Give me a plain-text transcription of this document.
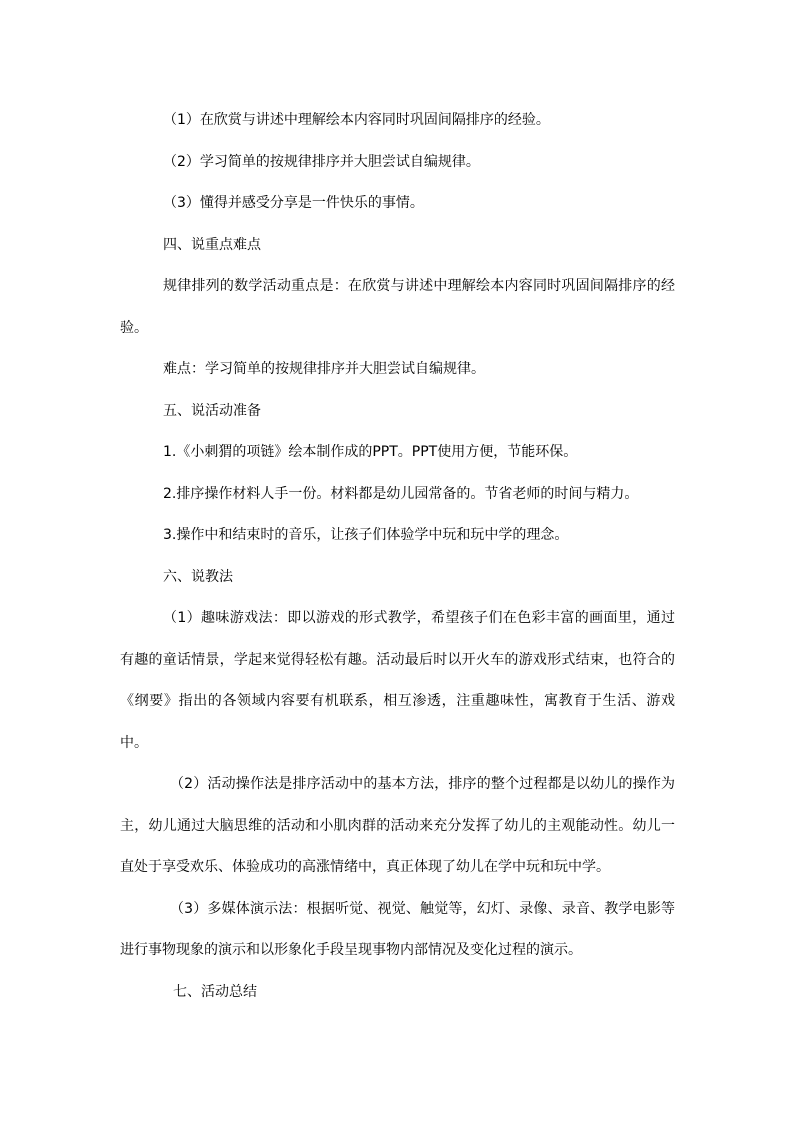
（1）在欣赏与讲述中理解绘本内容同时巩固间隔排序的经验。

（2）学习简单的按规律排序并大胆尝试自编规律。

（3）懂得并感受分享是一件快乐的事情。

四、说重点难点

规律排列的数学活动重点是：在欣赏与讲述中理解绘本内容同时巩固间隔排序的经验。

难点：学习简单的按规律排序并大胆尝试自编规律。

五、说活动准备

1.《小刺猬的项链》绘本制作成的PPT。PPT使用方便，节能环保。

2.排序操作材料人手一份。材料都是幼儿园常备的。节省老师的时间与精力。

3.操作中和结束时的音乐，让孩子们体验学中玩和玩中学的理念。

六、说教法

（1）趣味游戏法：即以游戏的形式教学，希望孩子们在色彩丰富的画面里，通过有趣的童话情景，学起来觉得轻松有趣。活动最后时以开火车的游戏形式结束，也符合的《纲要》指出的各领域内容要有机联系，相互渗透，注重趣味性，寓教育于生活、游戏中。

（2）活动操作法是排序活动中的基本方法，排序的整个过程都是以幼儿的操作为主，幼儿通过大脑思维的活动和小肌肉群的活动来充分发挥了幼儿的主观能动性。幼儿一直处于享受欢乐、体验成功的高涨情绪中，真正体现了幼儿在学中玩和玩中学。

（3）多媒体演示法：根据听觉、视觉、触觉等，幻灯、录像、录音、教学电影等进行事物现象的演示和以形象化手段呈现事物内部情况及变化过程的演示。

七、活动总结
